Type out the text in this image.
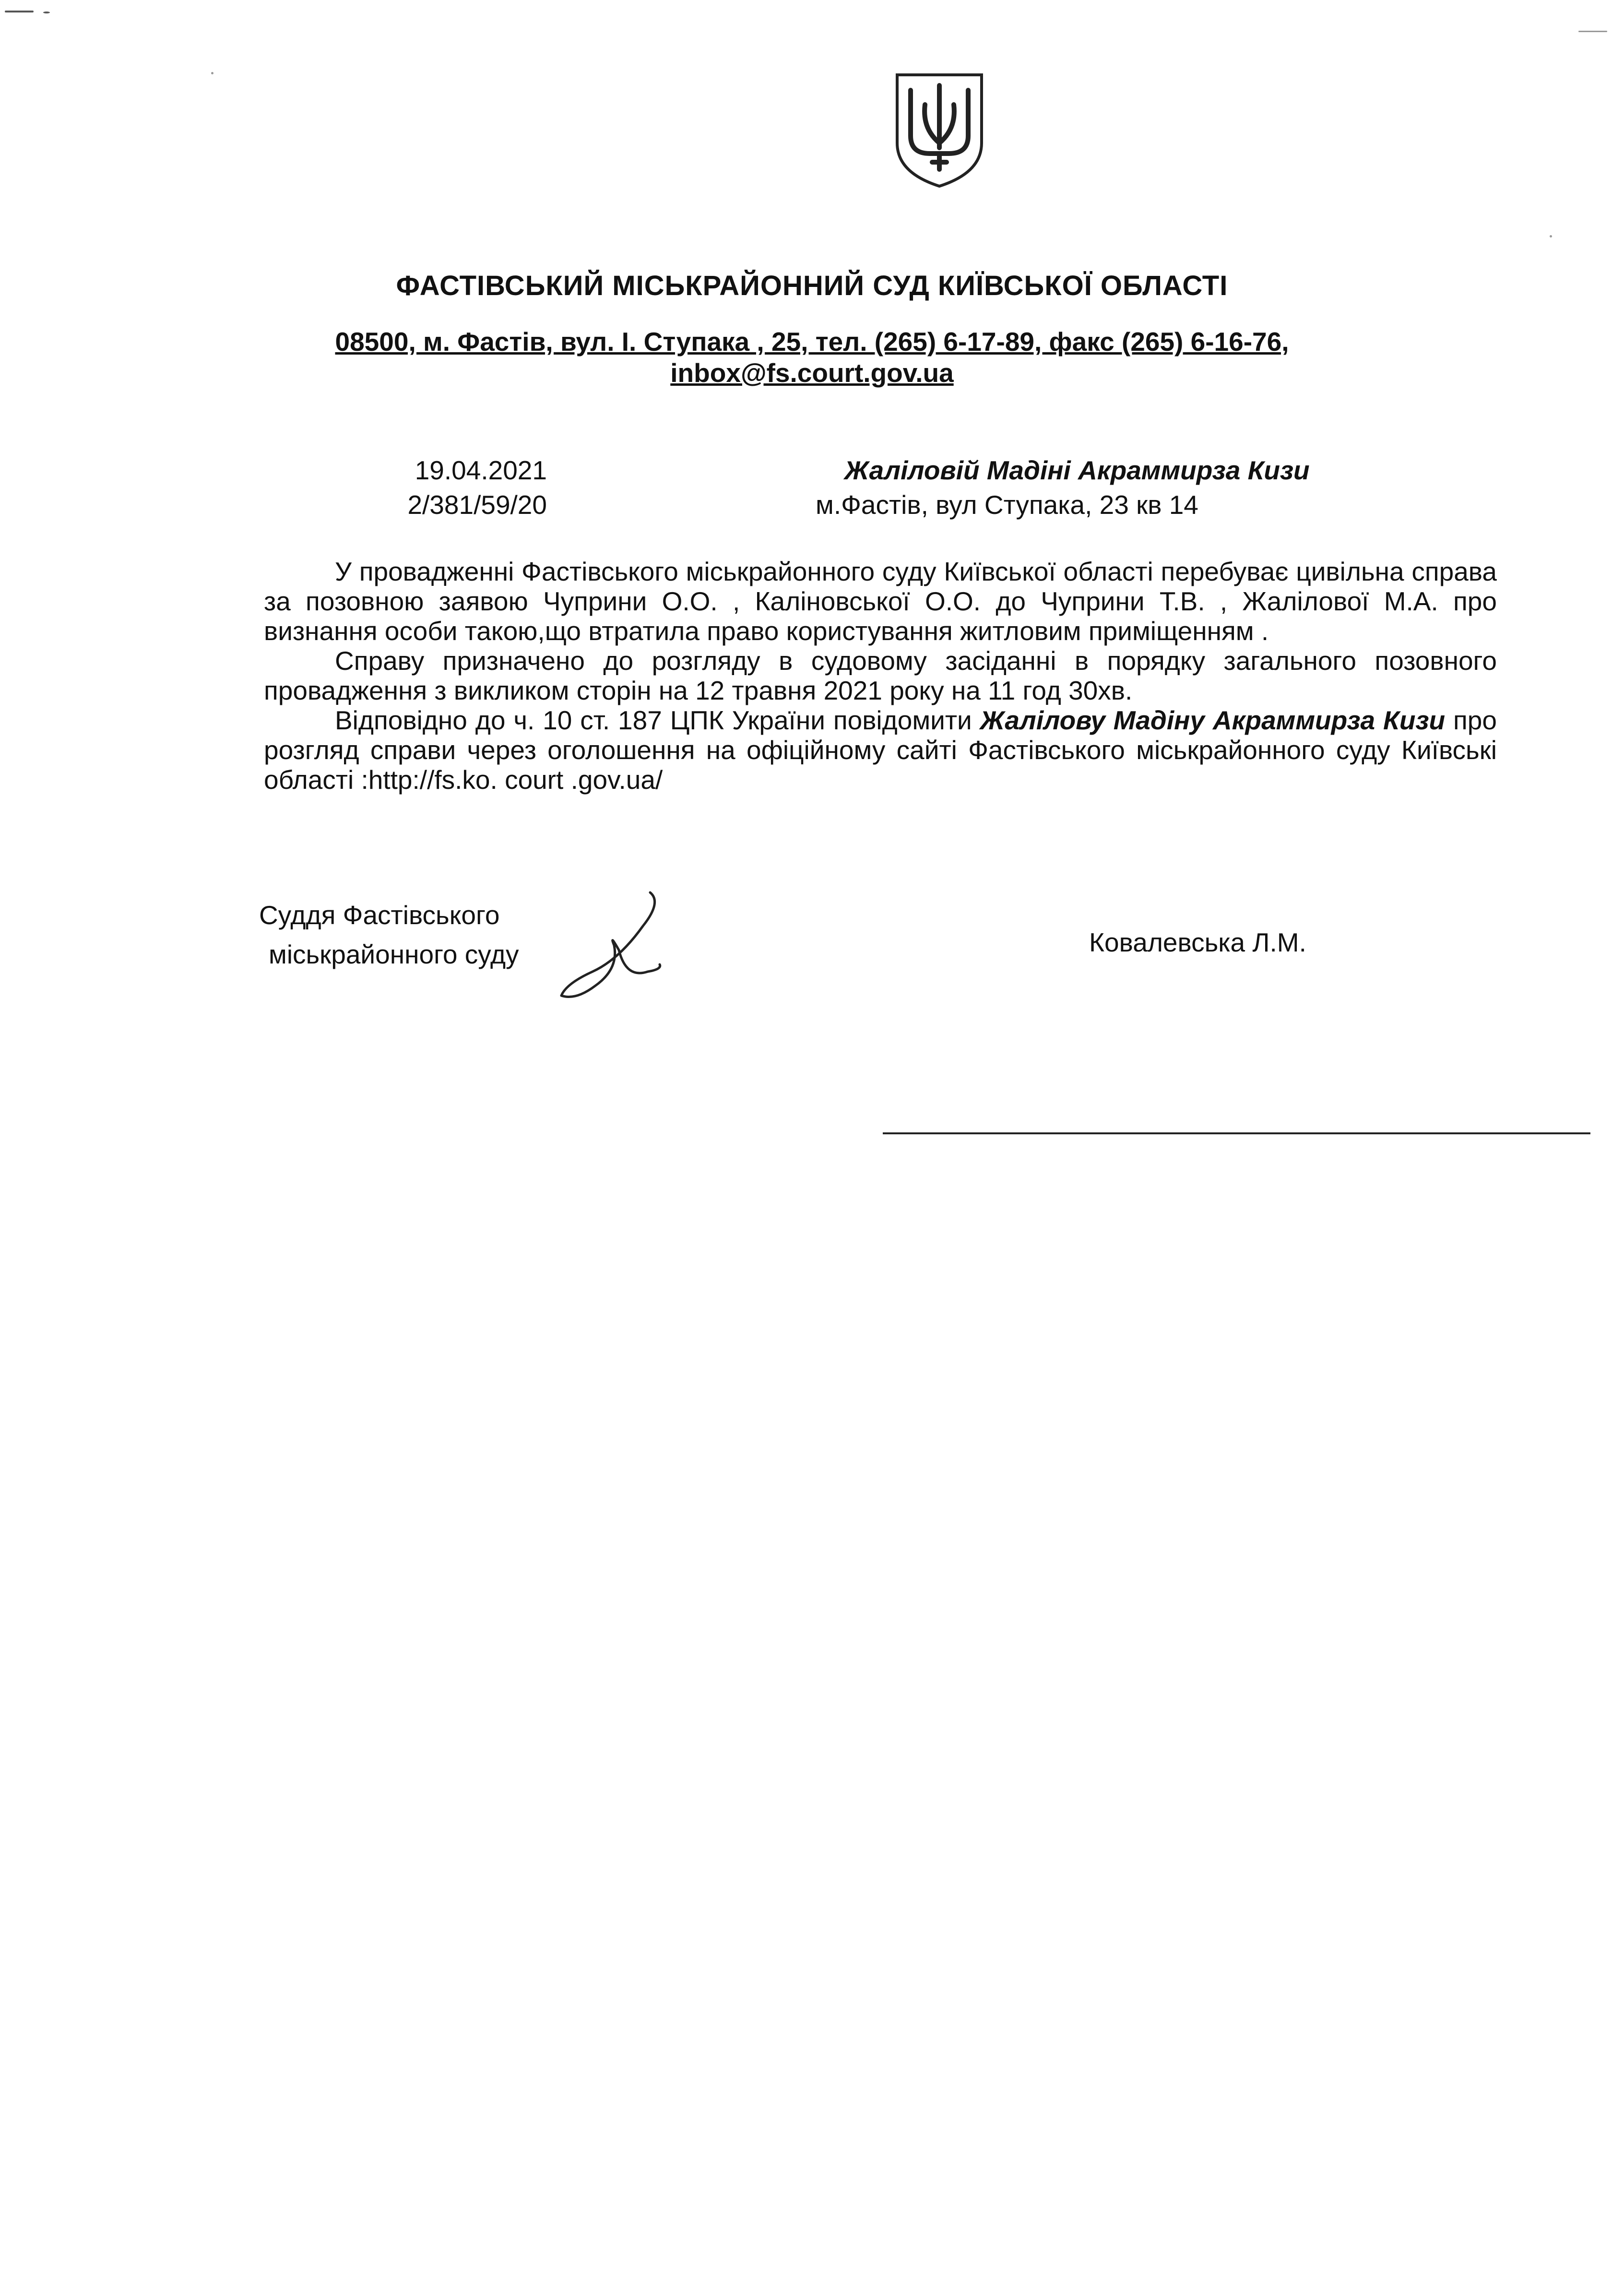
ФАСТІВСЬКИЙ МІСЬКРАЙОННИЙ СУД КИЇВСЬКОЇ ОБЛАСТІ
08500, м. Фастів, вул. І. Ступака , 25, тел. (265) 6-17-89, факс (265) 6-16-76,
inbox@fs.court.gov.ua
19.04.2021
2/381/59/20
Жаліловій Мадіні Акраммирза Кизи
м.Фастів, вул Ступака, 23 кв 14

У провадженні Фастівського міськрайонного суду Київської області перебуває цивільна справа за позовною заявою Чуприни О.О. , Каліновської О.О. до Чуприни Т.В. , Жалілової М.А. про визнання особи такою,що втратила право користування житловим приміщенням .

Справу призначено до розгляду в судовому засіданні в порядку загального позовного провадження з викликом сторін на 12 травня 2021 року на 11 год 30хв.

Відповідно до ч. 10 ст. 187 ЦПК України повідомити Жалілову Мадіну Акраммирза Кизи про розгляд справи через оголошення на офіційному сайті Фастівського міськрайонного суду Київські області :http://fs.ko. court .gov.ua/

Суддя Фастівського
міськрайонного суду	Ковалевська Л.М.
